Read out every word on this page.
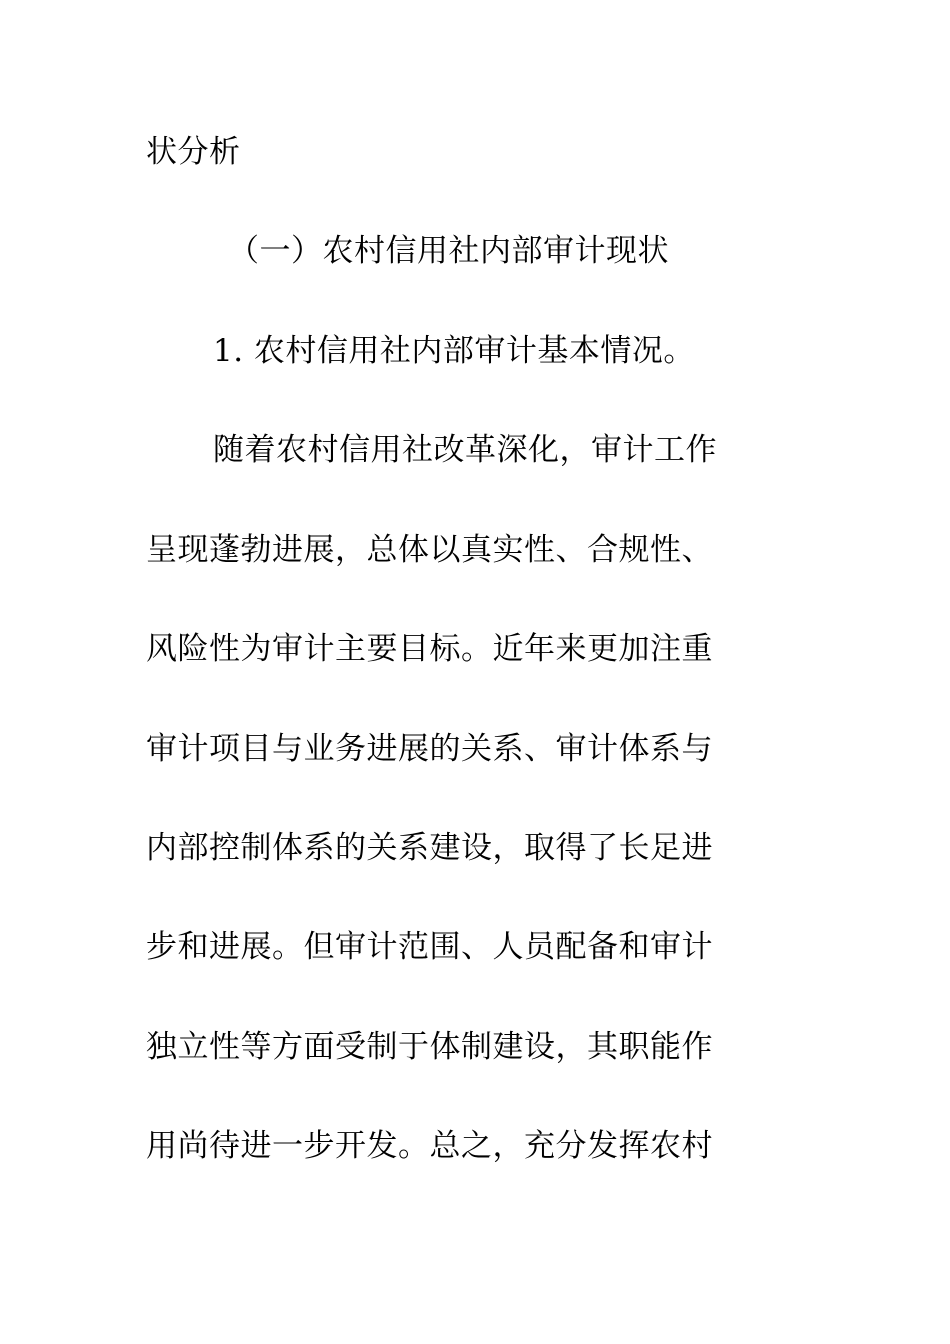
状分析
（一）农村信用社内部审计现状
1. 农村信用社内部审计基本情况。
随着农村信用社改革深化，审计工作
呈现蓬勃进展，总体以真实性、合规性、
风险性为审计主要目标。近年来更加注重
审计项目与业务进展的关系、审计体系与
内部控制体系的关系建设，取得了长足进
步和进展。但审计范围、人员配备和审计
独立性等方面受制于体制建设，其职能作
用尚待进一步开发。总之，充分发挥农村
